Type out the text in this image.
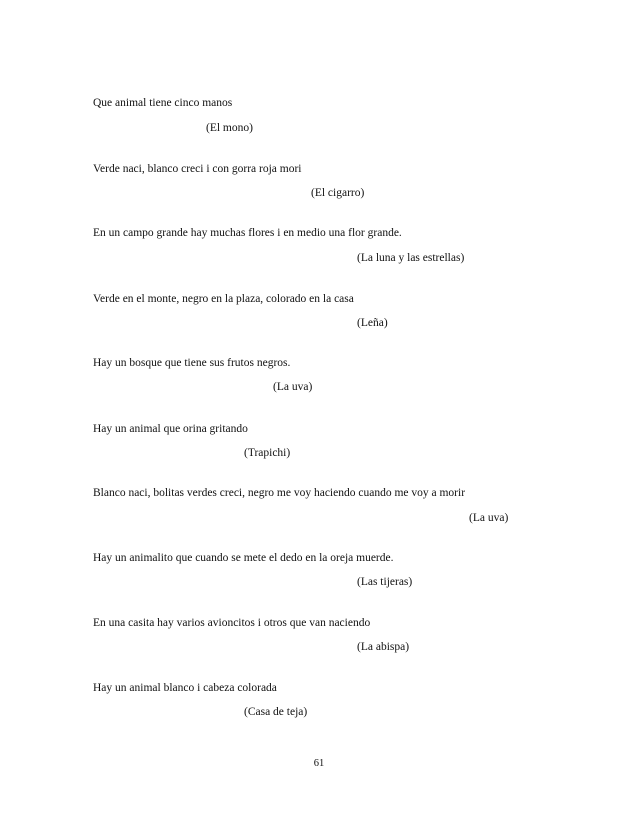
Que animal tiene cinco manos
(El mono)
Verde naci, blanco creci i con gorra roja mori
(El cigarro)
En un campo grande hay muchas flores i en medio una flor grande.
(La luna y las estrellas)
Verde en el monte, negro en la plaza, colorado en la casa
(Leña)
Hay un bosque que tiene sus frutos negros.
(La uva)
Hay un animal que orina gritando
(Trapichi)
Blanco naci, bolitas verdes creci, negro me voy haciendo cuando me voy a morir
(La uva)
Hay un animalito que cuando se mete el dedo en la oreja muerde.
(Las tijeras)
En una casita hay varios avioncitos i otros que van naciendo
(La abispa)
Hay un animal blanco i cabeza colorada
(Casa de teja)
61
